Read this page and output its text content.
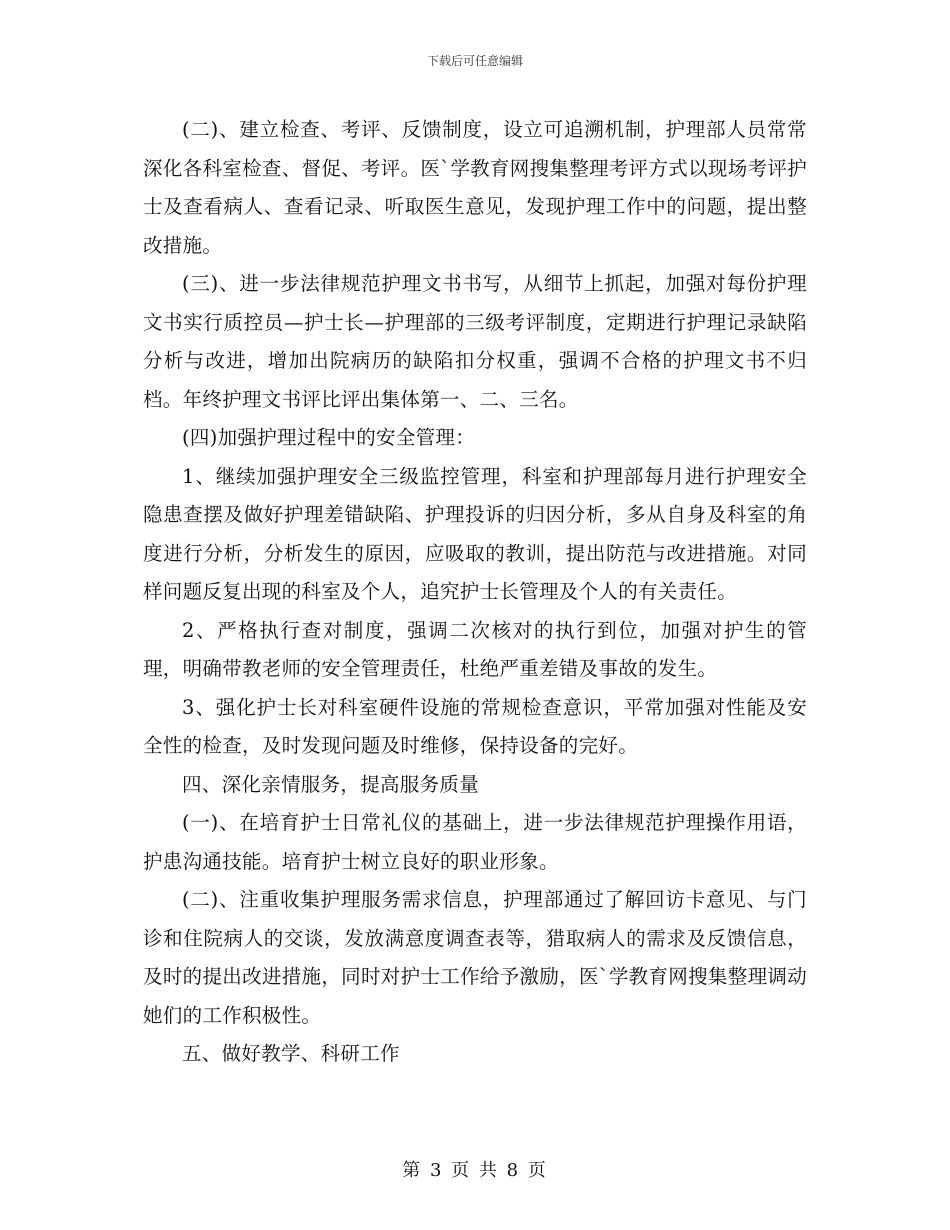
下载后可任意编辑

(二)、建立检查、考评、反馈制度，设立可追溯机制，护理部人员常常深化各科室检查、督促、考评。医`学教育网搜集整理考评方式以现场考评护士及查看病人、查看记录、听取医生意见，发现护理工作中的问题，提出整改措施。

(三)、进一步法律规范护理文书书写，从细节上抓起，加强对每份护理文书实行质控员—护士长—护理部的三级考评制度，定期进行护理记录缺陷分析与改进，增加出院病历的缺陷扣分权重，强调不合格的护理文书不归档。年终护理文书评比评出集体第一、二、三名。

(四)加强护理过程中的安全管理：

1、继续加强护理安全三级监控管理，科室和护理部每月进行护理安全隐患查摆及做好护理差错缺陷、护理投诉的归因分析，多从自身及科室的角度进行分析，分析发生的原因，应吸取的教训，提出防范与改进措施。对同样问题反复出现的科室及个人，追究护士长管理及个人的有关责任。

2、严格执行查对制度，强调二次核对的执行到位，加强对护生的管理，明确带教老师的安全管理责任，杜绝严重差错及事故的发生。

3、强化护士长对科室硬件设施的常规检查意识，平常加强对性能及安全性的检查，及时发现问题及时维修，保持设备的完好。

四、深化亲情服务，提高服务质量

(一)、在培育护士日常礼仪的基础上，进一步法律规范护理操作用语，护患沟通技能。培育护士树立良好的职业形象。

(二)、注重收集护理服务需求信息，护理部通过了解回访卡意见、与门诊和住院病人的交谈，发放满意度调查表等，猎取病人的需求及反馈信息，及时的提出改进措施，同时对护士工作给予激励，医`学教育网搜集整理调动她们的工作积极性。

五、做好教学、科研工作

第 3 页 共 8 页
